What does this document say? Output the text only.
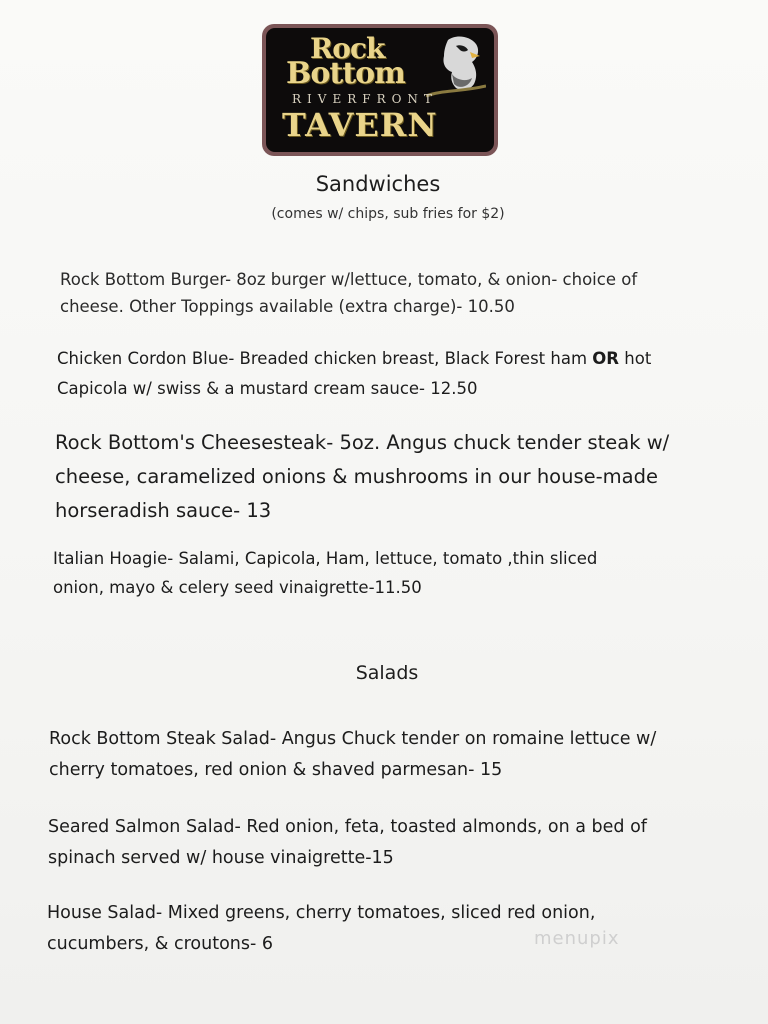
Rock
Bottom
RIVERFRONT
TAVERN
Sandwiches
(comes w/ chips, sub fries for $2)
Rock Bottom Burger- 8oz burger w/lettuce, tomato, & onion- choice of
cheese. Other Toppings available (extra charge)- 10.50
Chicken Cordon Blue- Breaded chicken breast, Black Forest ham OR hot
Capicola w/ swiss & a mustard cream sauce- 12.50
Rock Bottom's Cheesesteak- 5oz. Angus chuck tender steak w/
cheese, caramelized onions & mushrooms in our house-made
horseradish sauce- 13
Italian Hoagie- Salami, Capicola, Ham, lettuce, tomato ,thin sliced
onion, mayo & celery seed vinaigrette-11.50
Salads
Rock Bottom Steak Salad- Angus Chuck tender on romaine lettuce w/
cherry tomatoes, red onion & shaved parmesan- 15
Seared Salmon Salad- Red onion, feta, toasted almonds, on a bed of
spinach served w/ house vinaigrette-15
House Salad- Mixed greens, cherry tomatoes, sliced red onion,
cucumbers, & croutons- 6	menupix
